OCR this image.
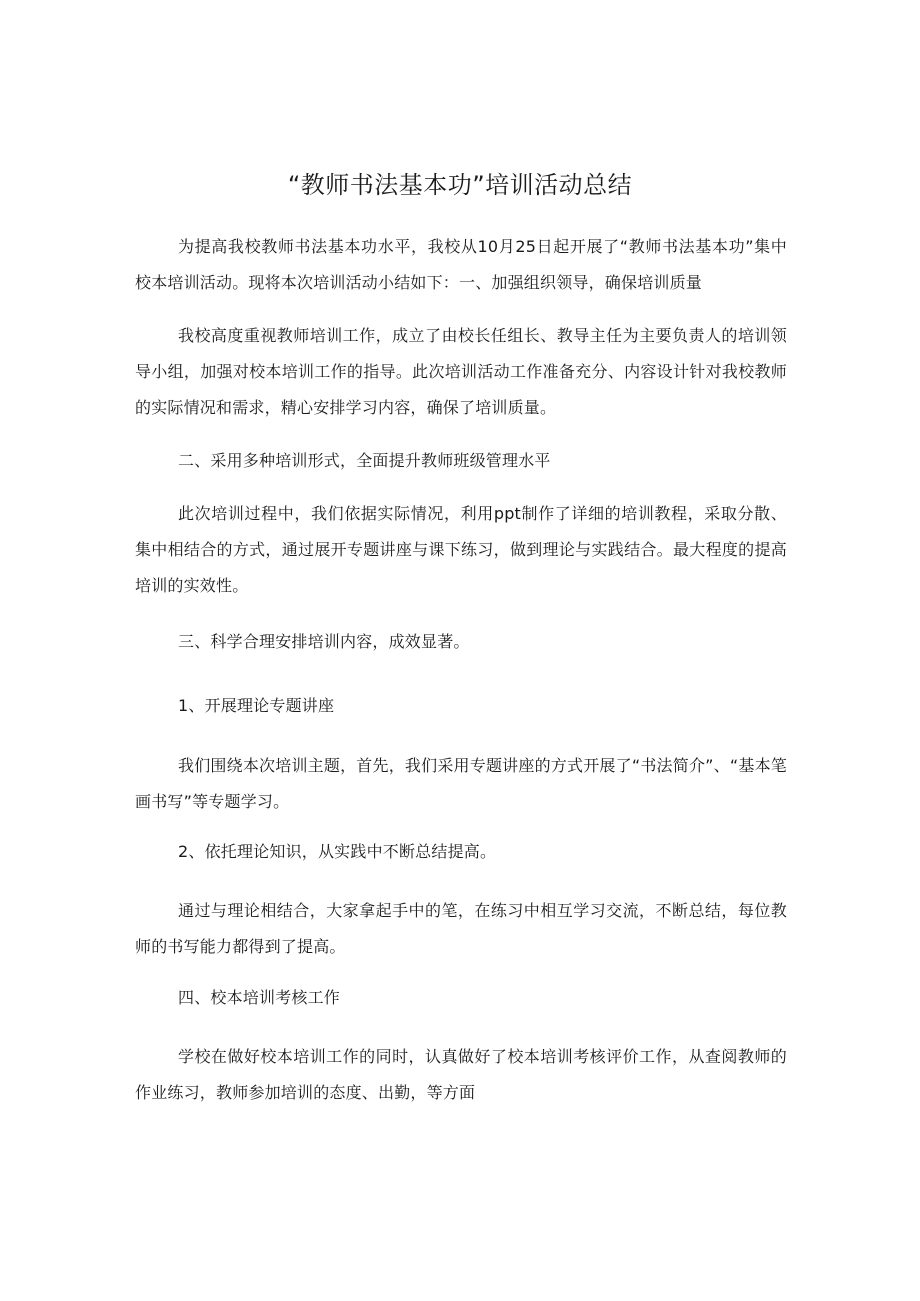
“教师书法基本功”培训活动总结

为提高我校教师书法基本功水平，我校从10月25日起开展了“教师书法基本功”集中校本培训活动。现将本次培训活动小结如下：一、加强组织领导，确保培训质量

我校高度重视教师培训工作，成立了由校长任组长、教导主任为主要负责人的培训领导小组，加强对校本培训工作的指导。此次培训活动工作准备充分、内容设计针对我校教师的实际情况和需求，精心安排学习内容，确保了培训质量。

二、采用多种培训形式，全面提升教师班级管理水平

此次培训过程中，我们依据实际情况，利用ppt制作了详细的培训教程，采取分散、集中相结合的方式，通过展开专题讲座与课下练习，做到理论与实践结合。最大程度的提高培训的实效性。

三、科学合理安排培训内容，成效显著。

1、开展理论专题讲座

我们围绕本次培训主题，首先，我们采用专题讲座的方式开展了“书法简介”、“基本笔画书写”等专题学习。

2、依托理论知识，从实践中不断总结提高。

通过与理论相结合，大家拿起手中的笔，在练习中相互学习交流，不断总结，每位教师的书写能力都得到了提高。

四、校本培训考核工作

学校在做好校本培训工作的同时，认真做好了校本培训考核评价工作，从查阅教师的作业练习，教师参加培训的态度、出勤，等方面
